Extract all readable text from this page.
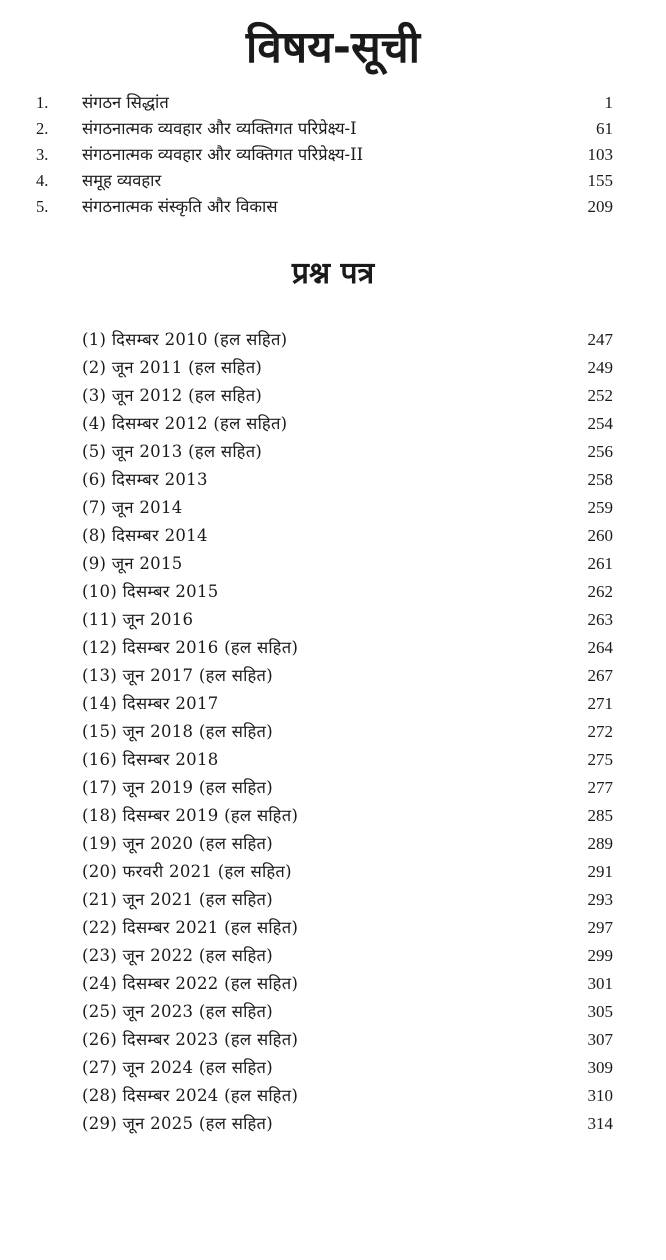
विषय-सूची
1. संगठन सिद्धांत	1
2. संगठनात्मक व्यवहार और व्यक्तिगत परिप्रेक्ष्य-I	61
3. संगठनात्मक व्यवहार और व्यक्तिगत परिप्रेक्ष्य-II	103
4. समूह व्यवहार	155
5. संगठनात्मक संस्कृति और विकास	209
प्रश्न पत्र
(1) दिसम्बर 2010 (हल सहित)	247
(2) जून 2011 (हल सहित)	249
(3) जून 2012 (हल सहित)	252
(4) दिसम्बर 2012 (हल सहित)	254
(5) जून 2013 (हल सहित)	256
(6) दिसम्बर 2013	258
(7) जून 2014	259
(8) दिसम्बर 2014	260
(9) जून 2015	261
(10) दिसम्बर 2015	262
(11) जून 2016	263
(12) दिसम्बर 2016 (हल सहित)	264
(13) जून 2017 (हल सहित)	267
(14) दिसम्बर 2017	271
(15) जून 2018 (हल सहित)	272
(16) दिसम्बर 2018	275
(17) जून 2019 (हल सहित)	277
(18) दिसम्बर 2019 (हल सहित)	285
(19) जून 2020 (हल सहित)	289
(20) फरवरी 2021 (हल सहित)	291
(21) जून 2021 (हल सहित)	293
(22) दिसम्बर 2021 (हल सहित)	297
(23) जून 2022 (हल सहित)	299
(24) दिसम्बर 2022 (हल सहित)	301
(25) जून 2023 (हल सहित)	305
(26) दिसम्बर 2023 (हल सहित)	307
(27) जून 2024 (हल सहित)	309
(28) दिसम्बर 2024 (हल सहित)	310
(29) जून 2025 (हल सहित)	314
